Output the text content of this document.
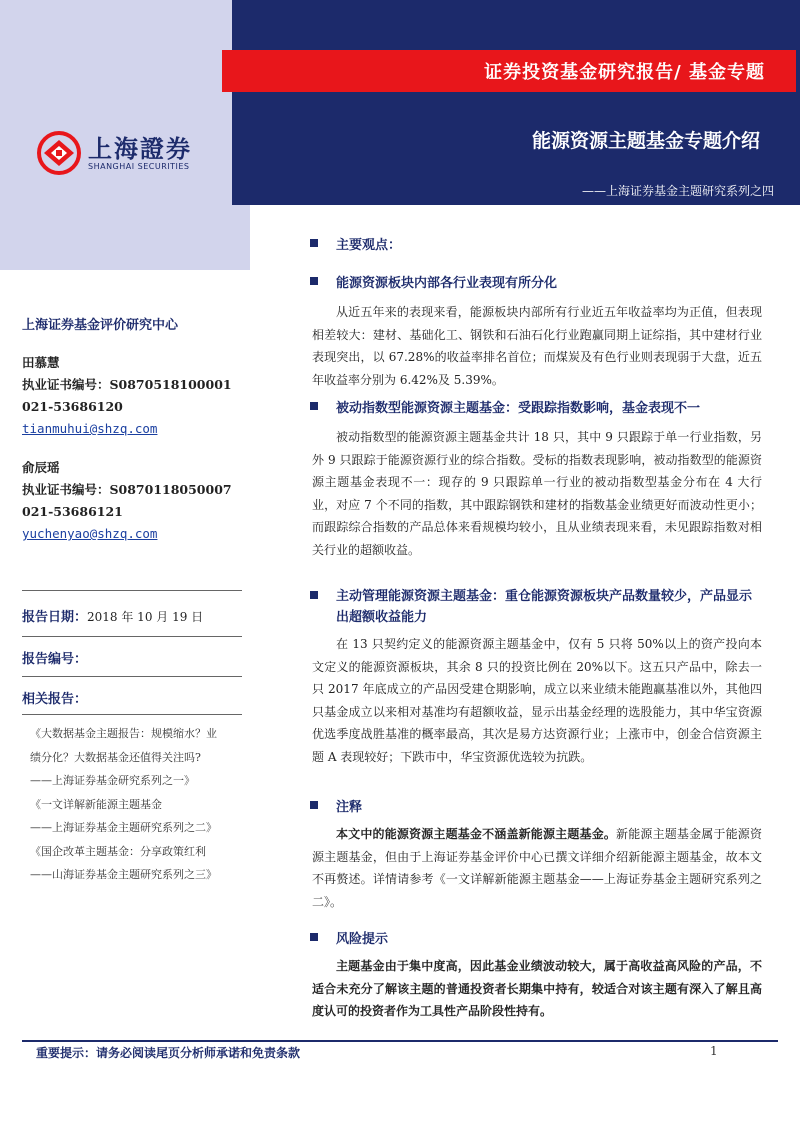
证券投资基金研究报告/ 基金专题
能源资源主题基金专题介绍
——上海证券基金主题研究系列之四
上海證券
SHANGHAI SECURITIES
上海证券基金评价研究中心
田慕慧
执业证书编号：S0870518100001
021-53686120
tianmuhui@shzq.com
俞辰瑶
执业证书编号：S0870118050007
021-53686121
yuchenyao@shzq.com
报告日期：2018 年 10 月 19 日
报告编号：
相关报告：
《大数据基金主题报告：规模缩水？业
绩分化？大数据基金还值得关注吗?
——上海证券基金研究系列之一》
《一文详解新能源主题基金
——上海证券基金主题研究系列之二》
《国企改革主题基金：分享政策红利
——山海证券基金主题研究系列之三》
主要观点：
能源资源板块内部各行业表现有所分化
从近五年来的表现来看，能源板块内部所有行业近五年收益率均为正值，但表现相差较大：建材、基础化工、钢铁和石油石化行业跑赢同期上证综指，其中建材行业表现突出，以 67.28%的收益率排名首位；而煤炭及有色行业则表现弱于大盘，近五年收益率分别为 6.42%及 5.39%。
被动指数型能源资源主题基金：受跟踪指数影响，基金表现不一
被动指数型的能源资源主题基金共计 18 只，其中 9 只跟踪于单一行业指数，另外 9 只跟踪于能源资源行业的综合指数。受标的指数表现影响，被动指数型的能源资源主题基金表现不一：现存的 9 只跟踪单一行业的被动指数型基金分布在 4 大行业，对应 7 个不同的指数，其中跟踪钢铁和建材的指数基金业绩更好而波动性更小；而跟踪综合指数的产品总体来看规模均较小，且从业绩表现来看，未见跟踪指数对相关行业的超额收益。
主动管理能源资源主题基金：重仓能源资源板块产品数量较少，产品显示出超额收益能力
在 13 只契约定义的能源资源主题基金中，仅有 5 只将 50%以上的资产投向本文定义的能源资源板块，其余 8 只的投资比例在 20%以下。这五只产品中，除去一只 2017 年底成立的产品因受建仓期影响，成立以来业绩未能跑赢基准以外，其他四只基金成立以来相对基准均有超额收益，显示出基金经理的选股能力，其中华宝资源优选季度战胜基准的概率最高，其次是易方达资源行业；上涨市中，创金合信资源主题 A 表现较好；下跌市中，华宝资源优选较为抗跌。
注释
本文中的能源资源主题基金不涵盖新能源主题基金。新能源主题基金属于能源资源主题基金，但由于上海证券基金评价中心已撰文详细介绍新能源主题基金，故本文不再赘述。详情请参考《一文详解新能源主题基金——上海证券基金主题研究系列之二》。
风险提示
主题基金由于集中度高，因此基金业绩波动较大，属于高收益高风险的产品，不适合未充分了解该主题的普通投资者长期集中持有，较适合对该主题有深入了解且高度认可的投资者作为工具性产品阶段性持有。
重要提示：请务必阅读尾页分析师承诺和免责条款	1
